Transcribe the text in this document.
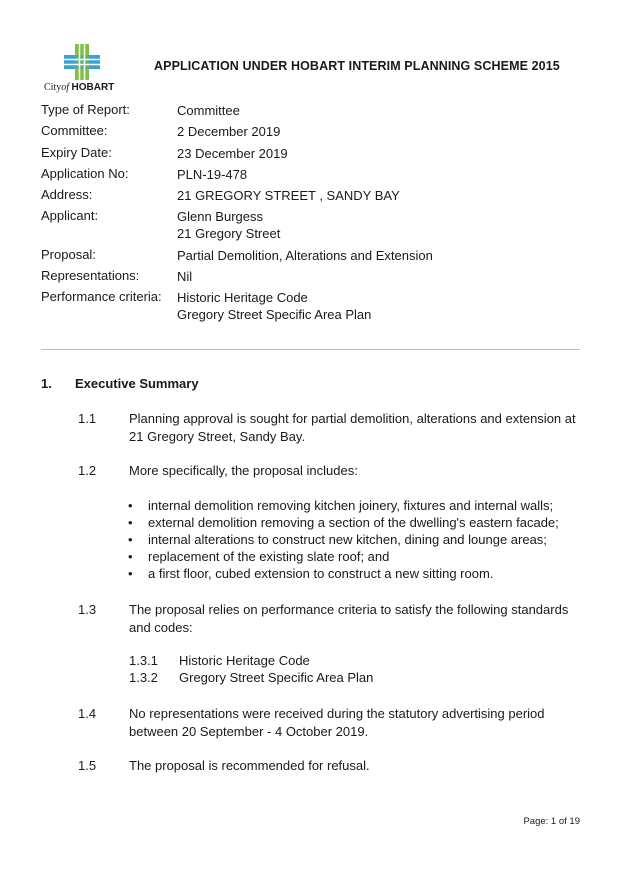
Cityof HOBART
APPLICATION UNDER HOBART INTERIM PLANNING SCHEME 2015
Type of Report:	Committee
Committee:	2 December 2019
Expiry Date:	23 December 2019
Application No:	PLN-19-478
Address:	21 GREGORY STREET , SANDY BAY
Applicant:	Glenn Burgess
21 Gregory Street
Proposal:	Partial Demolition, Alterations and Extension
Representations:	Nil
Performance criteria:	Historic Heritage Code
Gregory Street Specific Area Plan
1. Executive Summary
1.1	Planning approval is sought for partial demolition, alterations and extension at 21 Gregory Street, Sandy Bay.
1.2	More specifically, the proposal includes:
• internal demolition removing kitchen joinery, fixtures and internal walls;
• external demolition removing a section of the dwelling's eastern facade;
• internal alterations to construct new kitchen, dining and lounge areas;
• replacement of the existing slate roof; and
• a first floor, cubed extension to construct a new sitting room.
1.3	The proposal relies on performance criteria to satisfy the following standards and codes:
1.3.1 Historic Heritage Code
1.3.2 Gregory Street Specific Area Plan
1.4	No representations were received during the statutory advertising period between 20 September - 4 October 2019.
1.5	The proposal is recommended for refusal.
Page: 1 of 19
